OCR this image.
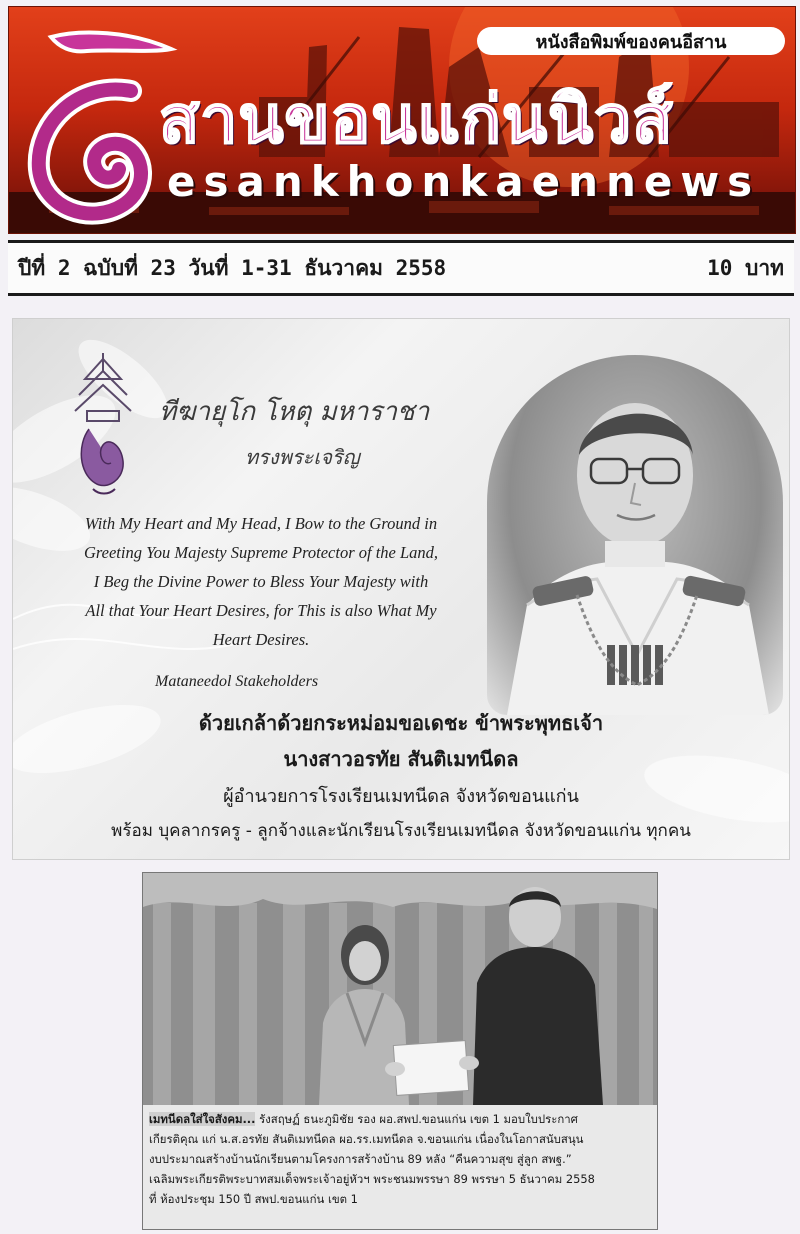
หนังสือพิมพ์ของคนอีสาน
สานขอนแก่นนิวส์
esankhonkaennews
ปีที่ 2 ฉบับที่ 23 วันที่ 1-31 ธันวาคม 2558	10 บาท
ทีฆายุโก โหตุ มหาราชา
ทรงพระเจริญ
With My Heart and My Head, I Bow to the Ground in
Greeting You Majesty Supreme Protector of the Land,
I Beg the Divine Power to Bless Your Majesty with
All that Your Heart Desires, for This is also What My
Heart Desires.
Mataneedol Stakeholders
ด้วยเกล้าด้วยกระหม่อมขอเดชะ ข้าพระพุทธเจ้า
นางสาวอรทัย สันติเมทนีดล
ผู้อำนวยการโรงเรียนเมทนีดล จังหวัดขอนแก่น
พร้อม บุคลากรครู - ลูกจ้างและนักเรียนโรงเรียนเมทนีดล จังหวัดขอนแก่น ทุกคน
เมทนีดลใส่ใจสังคม... รังสฤษฏ์ ธนะภูมิชัย รอง ผอ.สพป.ขอนแก่น เขต 1 มอบใบประกาศ
เกียรติคุณ แก่ น.ส.อรทัย สันติเมทนีดล ผอ.รร.เมทนีดล จ.ขอนแก่น เนื่องในโอกาสนับสนุน
งบประมาณสร้างบ้านนักเรียนตามโครงการสร้างบ้าน 89 หลัง “คืนความสุข สู่ลูก สพฐ.”
เฉลิมพระเกียรติพระบาทสมเด็จพระเจ้าอยู่หัวฯ พระชนมพรรษา 89 พรรษา 5 ธันวาคม 2558
ที่ ห้องประชุม 150 ปี สพป.ขอนแก่น เขต 1
